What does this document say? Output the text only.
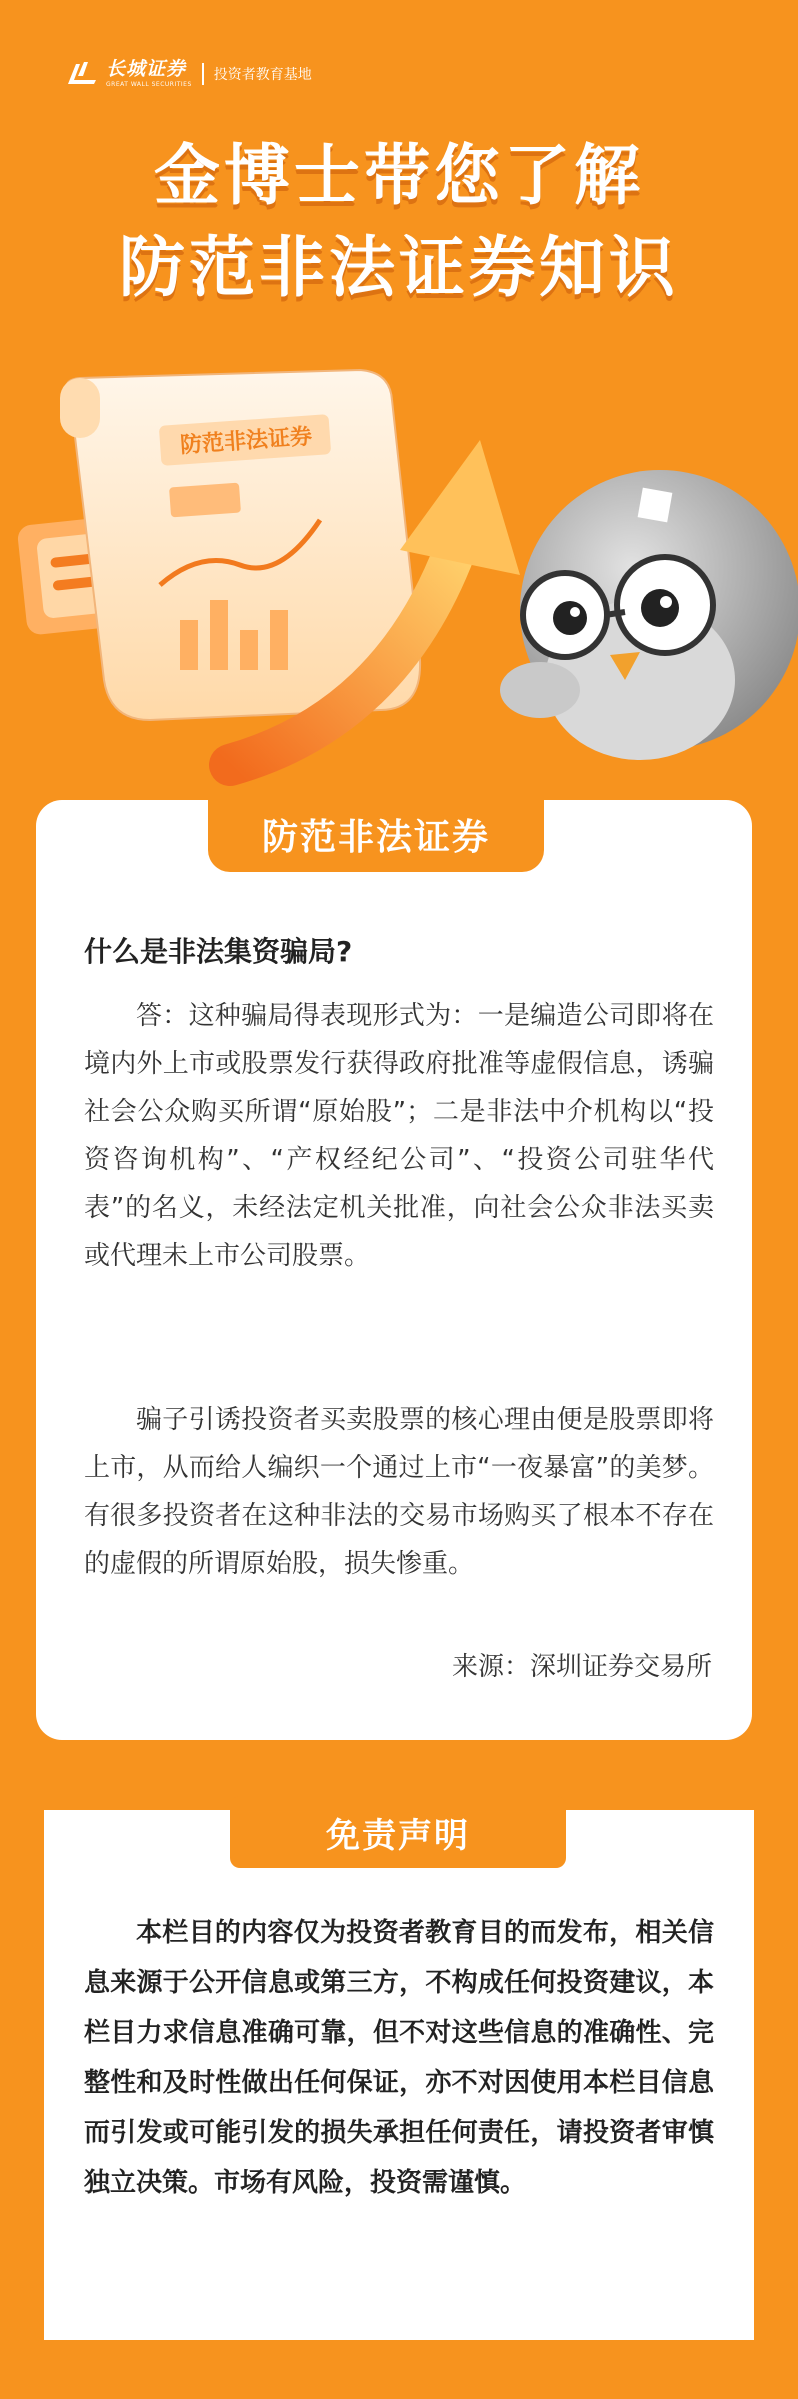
长城证券
GREAT WALL SECURITIES
投资者教育基地
金博士带您了解
防范非法证券知识
防范非法证券
防范非法证券
什么是非法集资骗局?

答：这种骗局得表现形式为：一是编造公司即将在境内外上市或股票发行获得政府批准等虚假信息，诱骗社会公众购买所谓“原始股”；二是非法中介机构以“投资咨询机构”、“产权经纪公司”、“投资公司驻华代表”的名义，未经法定机关批准，向社会公众非法买卖或代理未上市公司股票。

骗子引诱投资者买卖股票的核心理由便是股票即将上市，从而给人编织一个通过上市“一夜暴富”的美梦。有很多投资者在这种非法的交易市场购买了根本不存在的虚假的所谓原始股，损失惨重。

来源：深圳证券交易所
免责声明

本栏目的内容仅为投资者教育目的而发布，相关信息来源于公开信息或第三方，不构成任何投资建议，本栏目力求信息准确可靠，但不对这些信息的准确性、完整性和及时性做出任何保证，亦不对因使用本栏目信息而引发或可能引发的损失承担任何责任，请投资者审慎独立决策。市场有风险，投资需谨慎。
